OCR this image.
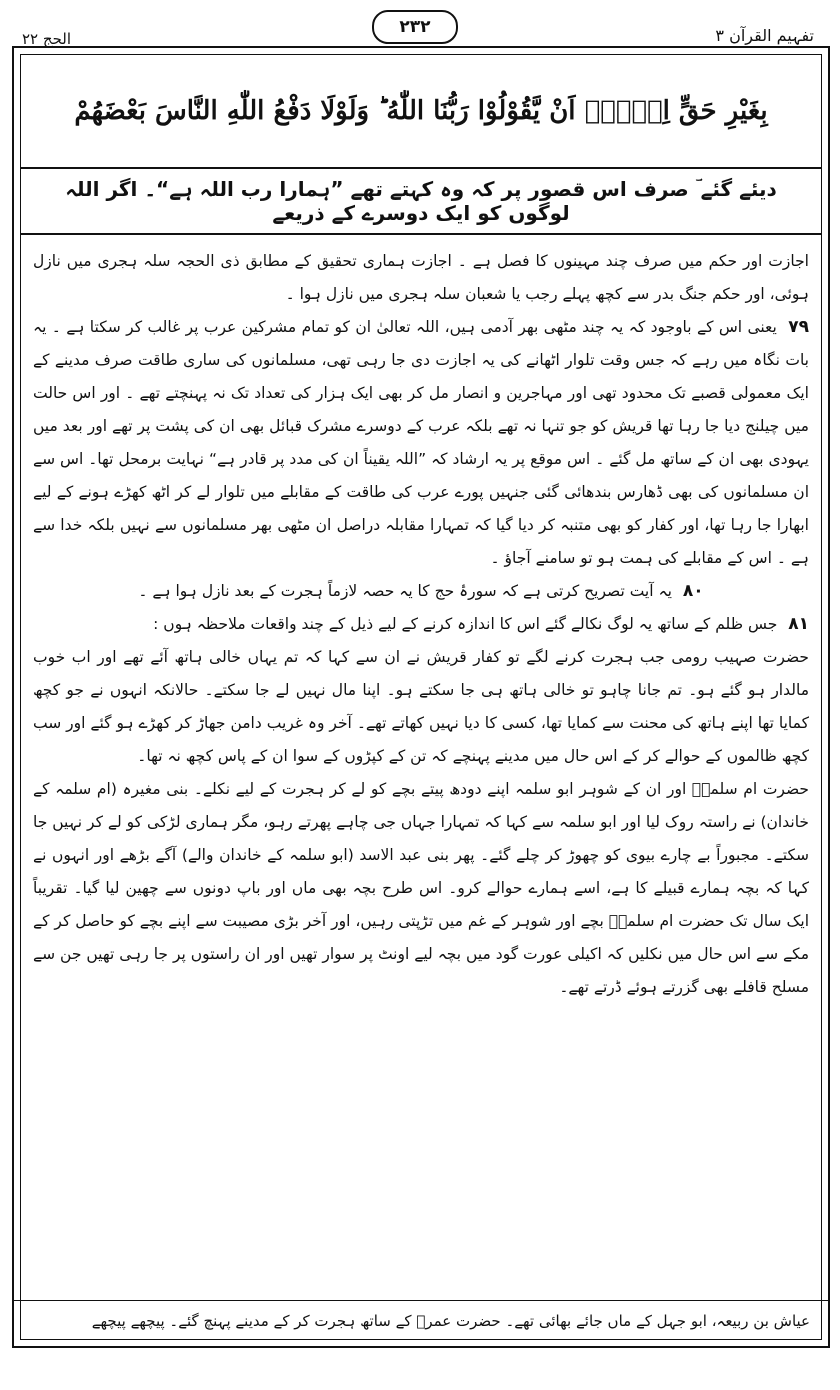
الحج ۲۲
۲۳۲	تفہیم القرآن ۳
بِغَيْرِ حَقٍّ اِلَّاۤ اَنْ يَّقُوْلُوْا رَبُّنَا اللّٰهُ ؕ وَلَوْلَا دَفْعُ اللّٰهِ النَّاسَ بَعْضَهُمْ
دیئے گئے ؔ صرف اس قصور پر کہ وہ کہتے تھے ”ہمارا رب اللہ ہے“۔ اگر اللہ لوگوں کو ایک دوسرے کے ذریعے

اجازت اور حکم میں صرف چند مہینوں کا فصل ہے ۔ اجازت ہماری تحقیق کے مطابق ذی الحجہ سلہ ہجری میں نازل ہوئی، اور حکم جنگ بدر سے کچھ پہلے رجب یا شعبان سلہ ہجری میں نازل ہوا ۔

۷۹ یعنی اس کے باوجود کہ یہ چند مٹھی بھر آدمی ہیں، اللہ تعالیٰ ان کو تمام مشرکین عرب پر غالب کر سکتا ہے ۔ یہ بات نگاہ میں رہے کہ جس وقت تلوار اٹھانے کی یہ اجازت دی جا رہی تھی، مسلمانوں کی ساری طاقت صرف مدینے کے ایک معمولی قصبے تک محدود تھی اور مہاجرین و انصار مل کر بھی ایک ہزار کی تعداد تک نہ پہنچتے تھے ۔ اور اس حالت میں چیلنج دیا جا رہا تھا قریش کو جو تنہا نہ تھے بلکہ عرب کے دوسرے مشرک قبائل بھی ان کی پشت پر تھے اور بعد میں یہودی بھی ان کے ساتھ مل گئے ۔ اس موقع پر یہ ارشاد کہ ”اللہ یقیناً ان کی مدد پر قادر ہے“ نہایت برمحل تھا۔ اس سے ان مسلمانوں کی بھی ڈھارس بندھائی گئی جنہیں پورے عرب کی طاقت کے مقابلے میں تلوار لے کر اٹھ کھڑے ہونے کے لیے ابھارا جا رہا تھا، اور کفار کو بھی متنبہ کر دیا گیا کہ تمہارا مقابلہ دراصل ان مٹھی بھر مسلمانوں سے نہیں بلکہ خدا سے ہے ۔ اس کے مقابلے کی ہمت ہو تو سامنے آجاؤ ۔

۸۰ یہ آیت تصریح کرتی ہے کہ سورۂ حج کا یہ حصہ لازماً ہجرت کے بعد نازل ہوا ہے ۔

۸۱ جس ظلم کے ساتھ یہ لوگ نکالے گئے اس کا اندازہ کرنے کے لیے ذیل کے چند واقعات ملاحظہ ہوں :

حضرت صہیب رومی جب ہجرت کرنے لگے تو کفار قریش نے ان سے کہا کہ تم یہاں خالی ہاتھ آئے تھے اور اب خوب مالدار ہو گئے ہو۔ تم جانا چاہو تو خالی ہاتھ ہی جا سکتے ہو۔ اپنا مال نہیں لے جا سکتے۔ حالانکہ انہوں نے جو کچھ کمایا تھا اپنے ہاتھ کی محنت سے کمایا تھا، کسی کا دیا نہیں کھاتے تھے۔ آخر وہ غریب دامن جھاڑ کر کھڑے ہو گئے اور سب کچھ ظالموں کے حوالے کر کے اس حال میں مدینے پہنچے کہ تن کے کپڑوں کے سوا ان کے پاس کچھ نہ تھا۔

حضرت ام سلمہؓ اور ان کے شوہر ابو سلمہ اپنے دودھ پیتے بچے کو لے کر ہجرت کے لیے نکلے۔ بنی مغیرہ (ام سلمہ کے خاندان) نے راستہ روک لیا اور ابو سلمہ سے کہا کہ تمہارا جہاں جی چاہے پھرتے رہو، مگر ہماری لڑکی کو لے کر نہیں جا سکتے۔ مجبوراً بے چارے بیوی کو چھوڑ کر چلے گئے۔ پھر بنی عبد الاسد (ابو سلمہ کے خاندان والے) آگے بڑھے اور انہوں نے کہا کہ بچہ ہمارے قبیلے کا ہے، اسے ہمارے حوالے کرو۔ اس طرح بچہ بھی ماں اور باپ دونوں سے چھین لیا گیا۔ تقریباً ایک سال تک حضرت ام سلمہؓ بچے اور شوہر کے غم میں تڑپتی رہیں، اور آخر بڑی مصیبت سے اپنے بچے کو حاصل کر کے مکے سے اس حال میں نکلیں کہ اکیلی عورت گود میں بچہ لیے اونٹ پر سوار تھیں اور ان راستوں پر جا رہی تھیں جن سے مسلح قافلے بھی گزرتے ہوئے ڈرتے تھے۔

عیاش بن ربیعہ، ابو جہل کے ماں جائے بھائی تھے۔ حضرت عمرؓ کے ساتھ ہجرت کر کے مدینے پہنچ گئے۔ پیچھے پیچھے
